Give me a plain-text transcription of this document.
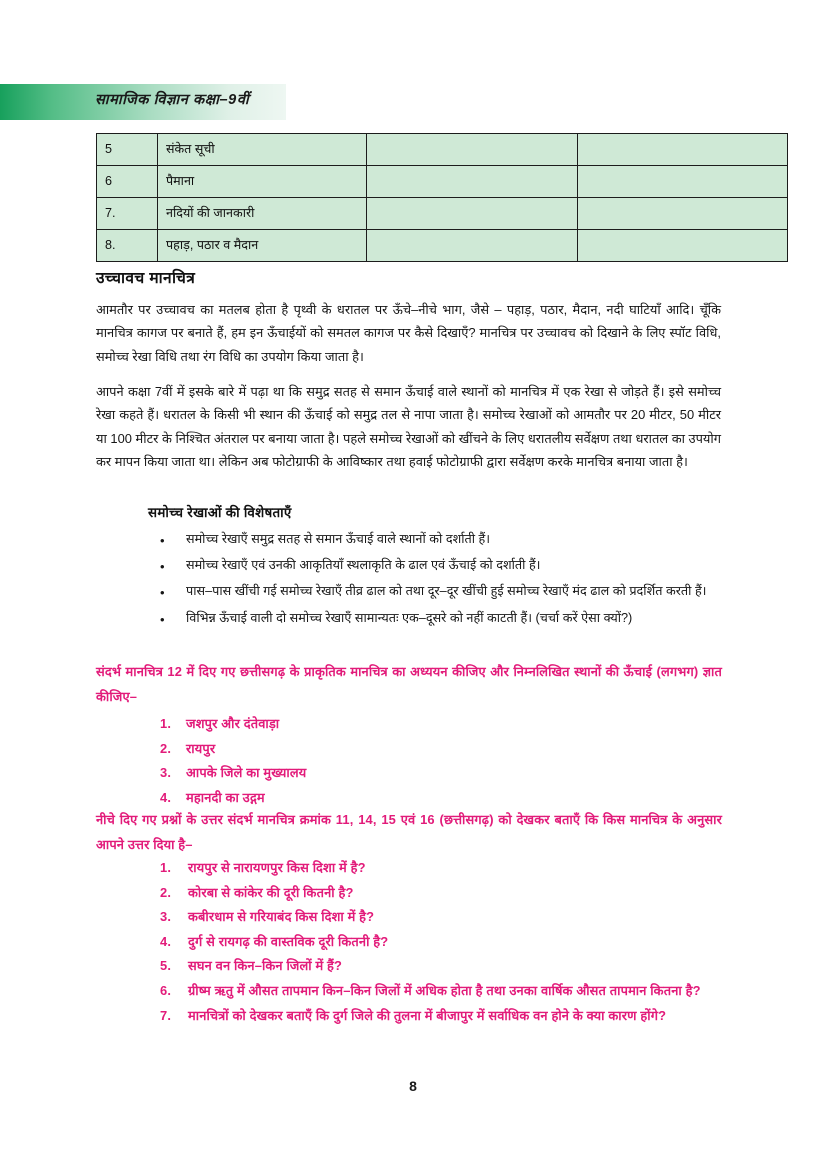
सामाजिक विज्ञान कक्षा–9वीं
5	संकेत सूची		
6	पैमाना		
7.	नदियों की जानकारी		
8.	पहाड़, पठार व मैदान		
उच्चावच मानचित्र
आमतौर पर उच्चावच का मतलब होता है पृथ्वी के धरातल पर ऊँचे–नीचे भाग, जैसे – पहाड़, पठार, मैदान, नदी घाटियाँ आदि। चूँकि मानचित्र कागज पर बनाते हैं, हम इन ऊँचाईयों को समतल कागज पर कैसे दिखाएँ? मानचित्र पर उच्चावच को दिखाने के लिए स्पॉट विधि, समोच्च रेखा विधि तथा रंग विधि का उपयोग किया जाता है।
आपने कक्षा 7वीं में इसके बारे में पढ़ा था कि समुद्र सतह से समान ऊँचाई वाले स्थानों को मानचित्र में एक रेखा से जोड़ते हैं। इसे समोच्च रेखा कहते हैं। धरातल के किसी भी स्थान की ऊँचाई को समुद्र तल से नापा जाता है। समोच्च रेखाओं को आमतौर पर 20 मीटर, 50 मीटर या 100 मीटर के निश्चित अंतराल पर बनाया जाता है। पहले समोच्च रेखाओं को खींचने के लिए धरातलीय सर्वेक्षण तथा धरातल का उपयोग कर मापन किया जाता था। लेकिन अब फोटोग्राफी के आविष्कार तथा हवाई फोटोग्राफी द्वारा सर्वेक्षण करके मानचित्र बनाया जाता है।
समोच्च रेखाओं की विशेषताएँ
• समोच्च रेखाएँ समुद्र सतह से समान ऊँचाई वाले स्थानों को दर्शाती हैं।
• समोच्च रेखाएँ एवं उनकी आकृतियाँ स्थलाकृति के ढाल एवं ऊँचाई को दर्शाती हैं।
• पास–पास खींची गई समोच्च रेखाएँ तीव्र ढाल को तथा दूर–दूर खींची हुई समोच्च रेखाएँ मंद ढाल को प्रदर्शित करती हैं।
• विभिन्न ऊँचाई वाली दो समोच्च रेखाएँ सामान्यतः एक–दूसरे को नहीं काटती हैं। (चर्चा करें ऐसा क्यों?)
संदर्भ मानचित्र 12 में दिए गए छत्तीसगढ़ के प्राकृतिक मानचित्र का अध्ययन कीजिए और निम्नलिखित स्थानों की ऊँचाई (लगभग) ज्ञात कीजिए–
1. जशपुर और दंतेवाड़ा
2. रायपुर
3. आपके जिले का मुख्यालय
4. महानदी का उद्गम
नीचे दिए गए प्रश्नों के उत्तर संदर्भ मानचित्र क्रमांक 11, 14, 15 एवं 16 (छत्तीसगढ़) को देखकर बताएँ कि किस मानचित्र के अनुसार आपने उत्तर दिया है–
1. रायपुर से नारायणपुर किस दिशा में है?
2. कोरबा से कांकेर की दूरी कितनी है?
3. कबीरधाम से गरियाबंद किस दिशा में है?
4. दुर्ग से रायगढ़ की वास्तविक दूरी कितनी है?
5. सघन वन किन–किन जिलों में हैं?
6. ग्रीष्म ऋतु में औसत तापमान किन–किन जिलों में अधिक होता है तथा उनका वार्षिक औसत तापमान कितना है?
7. मानचित्रों को देखकर बताएँ कि दुर्ग जिले की तुलना में बीजापुर में सर्वाधिक वन होने के क्या कारण होंगे?
8
